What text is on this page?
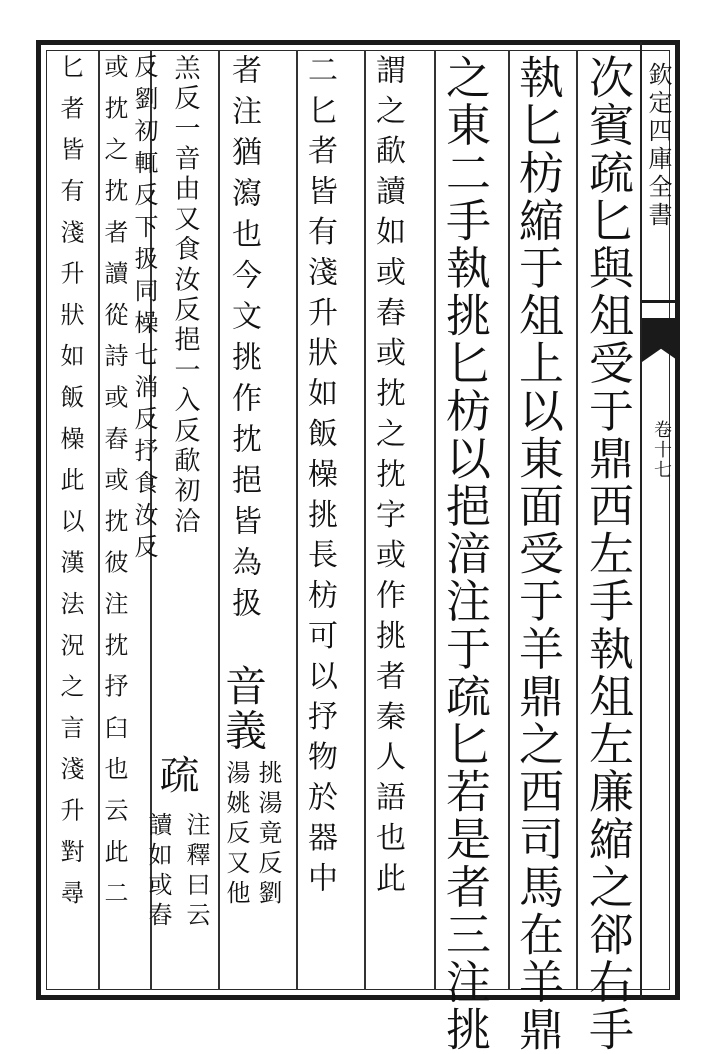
欽定四庫全書
卷十七
次賓疏匕與俎受于鼎西左手執俎左廉縮之郤右手
執匕枋縮于俎上以東面受于羊鼎之西司馬在羊鼎
之東二手執挑匕枋以挹湆注于疏匕若是者三注挑
謂之歃讀如或舂或抌之抌字或作挑者秦人語也此
二匕者皆有淺升狀如飯橾挑長枋可以抒物於器中
者注猶瀉也今文挑作抌挹皆為扱
音義
挑湯竟反劉
湯姚反又他
羔反一音由又食汝反挹一入反歃初洽
疏
注釋曰云
反劉初輒反下扱同橾七消反抒食汝反
讀如或舂
或抌之抌者讀從詩或舂或抌彼注抌抒臼也云此二
匕者皆有淺升狀如飯橾此以漢法況之言淺升對尋
